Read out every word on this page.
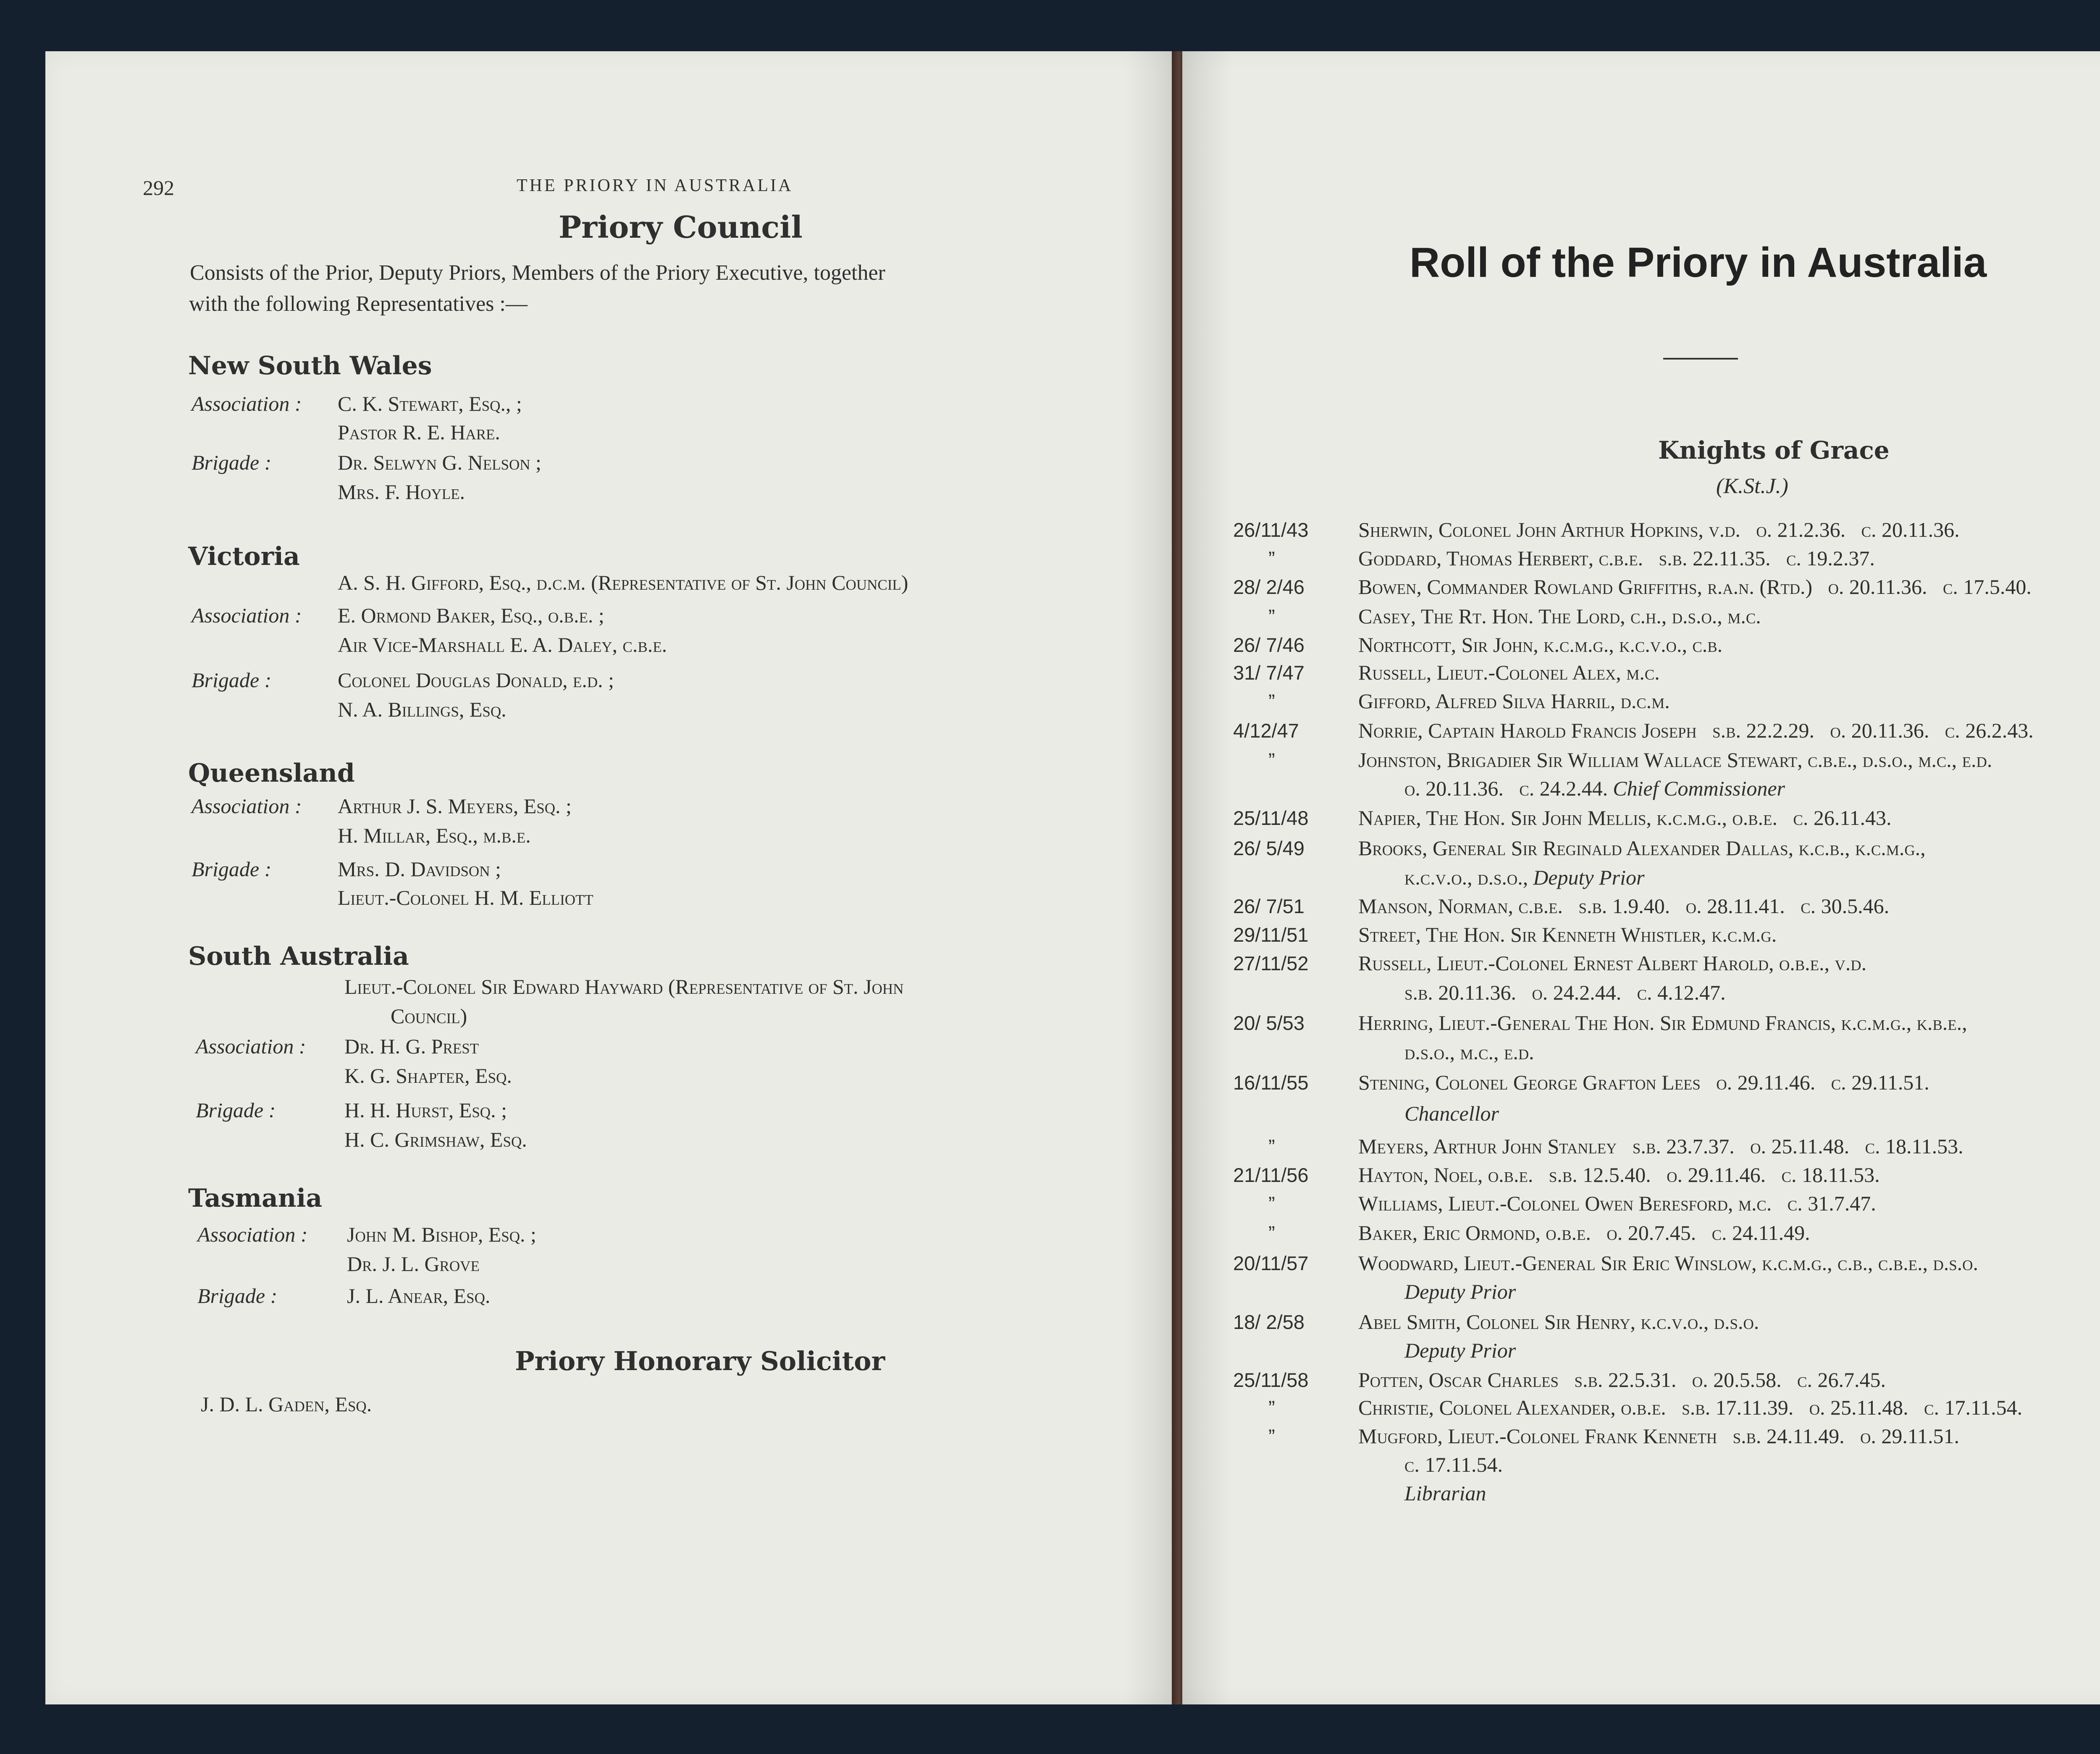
292	THE PRIORY IN AUSTRALIA
Priory Council
Consists of the Prior, Deputy Priors, Members of the Priory Executive, together
with the following Representatives :—
New South Wales
Association : C. K. Stewart, Esq., ;
Pastor R. E. Hare.
Brigade :	Dr. Selwyn G. Nelson ;
Mrs. F. Hoyle.
Victoria
A. S. H. Gifford, Esq., d.c.m. (Representative of St. John Council)
Association : E. Ormond Baker, Esq., o.b.e. ;
Air Vice-Marshall E. A. Daley, c.b.e.
Brigade :	Colonel Douglas Donald, e.d. ;
N. A. Billings, Esq.
Queensland
Association : Arthur J. S. Meyers, Esq. ;
H. Millar, Esq., m.b.e.
Brigade :	Mrs. D. Davidson ;
Lieut.-Colonel H. M. Elliott
South Australia
Lieut.-Colonel Sir Edward Hayward (Representative of St. John
Council)
Association : Dr. H. G. Prest
K. G. Shapter, Esq.
Brigade :	H. H. Hurst, Esq. ;
H. C. Grimshaw, Esq.
Tasmania
Association : John M. Bishop, Esq. ;
Dr. J. L. Grove
Brigade :	J. L. Anear, Esq.
Priory Honorary Solicitor
J. D. L. Gaden, Esq.
Roll of the Priory in Australia
Knights of Grace
(K.St.J.)
26/11/43 Sherwin, Colonel John Arthur Hopkins, v.d.   o. 21.2.36.   c. 20.11.36.
”	Goddard, Thomas Herbert, c.b.e.   s.b. 22.11.35.   c. 19.2.37.
28/ 2/46	Bowen, Commander Rowland Griffiths, r.a.n. (Rtd.)   o. 20.11.36.   c. 17.5.40.
”	Casey, The Rt. Hon. The Lord, c.h., d.s.o., m.c.
26/ 7/46	Northcott, Sir John, k.c.m.g., k.c.v.o., c.b.
31/ 7/47	Russell, Lieut.-Colonel Alex, m.c.
”	Gifford, Alfred Silva Harril, d.c.m.
4/12/47	Norrie, Captain Harold Francis Joseph   s.b. 22.2.29.   o. 20.11.36.   c. 26.2.43.
”	Johnston, Brigadier Sir William Wallace Stewart, c.b.e., d.s.o., m.c., e.d.
o. 20.11.36.   c. 24.2.44. Chief Commissioner
25/11/48 Napier, The Hon. Sir John Mellis, k.c.m.g., o.b.e.   c. 26.11.43.
26/ 5/49	Brooks, General Sir Reginald Alexander Dallas, k.c.b., k.c.m.g.,
k.c.v.o., d.s.o., Deputy Prior
26/ 7/51	Manson, Norman, c.b.e.   s.b. 1.9.40.   o. 28.11.41.   c. 30.5.46.
29/11/51 Street, The Hon. Sir Kenneth Whistler, k.c.m.g.
27/11/52 Russell, Lieut.-Colonel Ernest Albert Harold, o.b.e., v.d.
s.b. 20.11.36.   o. 24.2.44.   c. 4.12.47.
20/ 5/53	Herring, Lieut.-General The Hon. Sir Edmund Francis, k.c.m.g., k.b.e.,
d.s.o., m.c., e.d.
16/11/55 Stening, Colonel George Grafton Lees   o. 29.11.46.   c. 29.11.51.
Chancellor
”	Meyers, Arthur John Stanley   s.b. 23.7.37.   o. 25.11.48.   c. 18.11.53.
21/11/56 Hayton, Noel, o.b.e.   s.b. 12.5.40.   o. 29.11.46.   c. 18.11.53.
”	Williams, Lieut.-Colonel Owen Beresford, m.c.   c. 31.7.47.
”	Baker, Eric Ormond, o.b.e.   o. 20.7.45.   c. 24.11.49.
20/11/57 Woodward, Lieut.-General Sir Eric Winslow, k.c.m.g., c.b., c.b.e., d.s.o.
Deputy Prior
18/ 2/58	Abel Smith, Colonel Sir Henry, k.c.v.o., d.s.o.
Deputy Prior
25/11/58 Potten, Oscar Charles   s.b. 22.5.31.   o. 20.5.58.   c. 26.7.45.
”	Christie, Colonel Alexander, o.b.e.   s.b. 17.11.39.   o. 25.11.48.   c. 17.11.54.
”	Mugford, Lieut.-Colonel Frank Kenneth   s.b. 24.11.49.   o. 29.11.51.
c. 17.11.54.
Librarian
